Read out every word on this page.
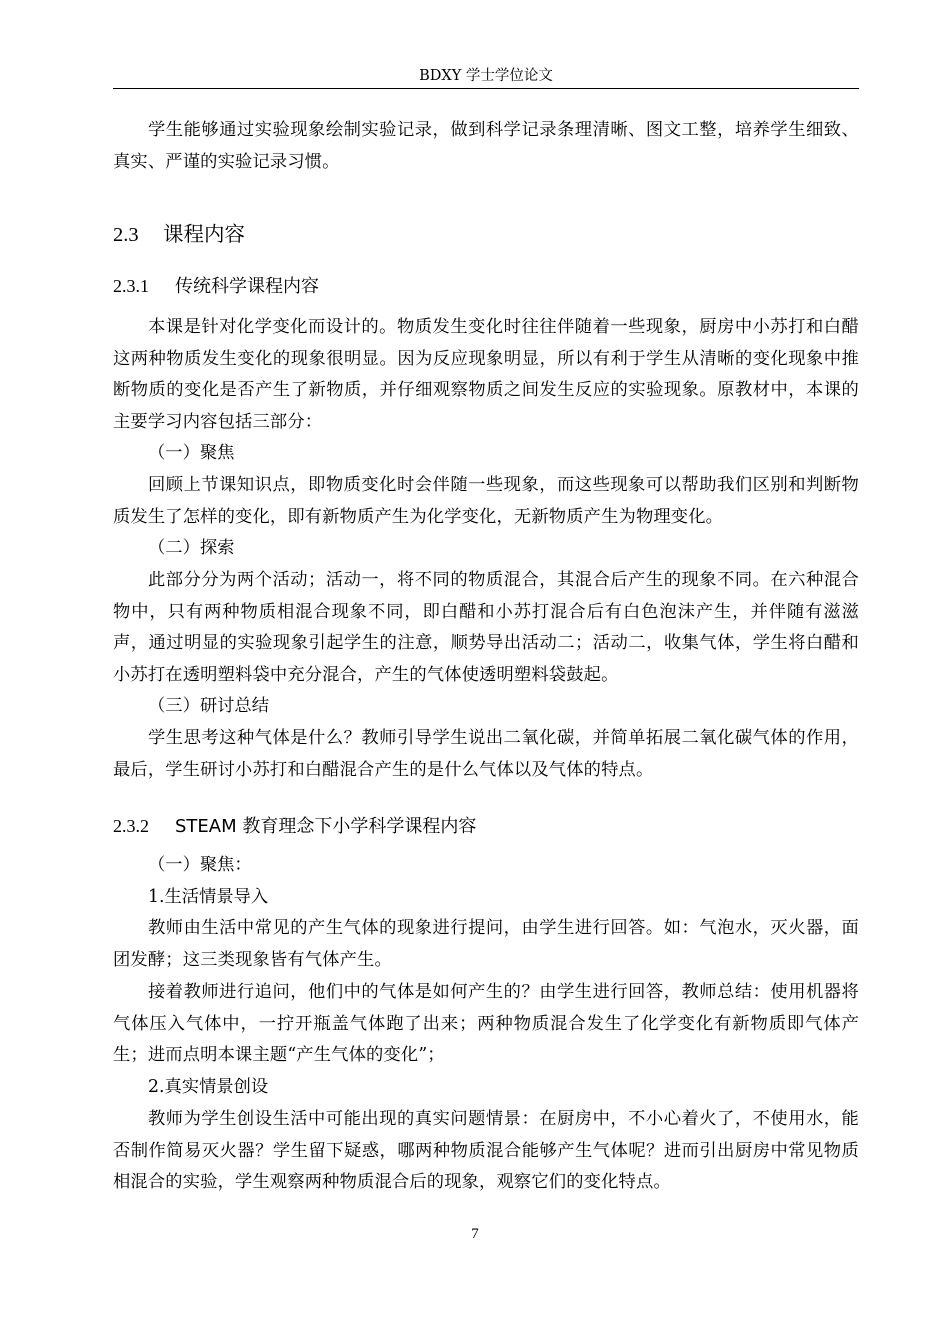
BDXY 学士学位论文

学生能够通过实验现象绘制实验记录，做到科学记录条理清晰、图文工整，培养学生细致、真实、严谨的实验记录习惯。

2.3 课程内容
2.3.1 传统科学课程内容

本课是针对化学变化而设计的。物质发生变化时往往伴随着一些现象，厨房中小苏打和白醋这两种物质发生变化的现象很明显。因为反应现象明显，所以有利于学生从清晰的变化现象中推断物质的变化是否产生了新物质，并仔细观察物质之间发生反应的实验现象。原教材中，本课的主要学习内容包括三部分：

（一）聚焦

回顾上节课知识点，即物质变化时会伴随一些现象，而这些现象可以帮助我们区别和判断物质发生了怎样的变化，即有新物质产生为化学变化，无新物质产生为物理变化。

（二）探索

此部分分为两个活动；活动一，将不同的物质混合，其混合后产生的现象不同。在六种混合物中，只有两种物质相混合现象不同，即白醋和小苏打混合后有白色泡沫产生，并伴随有滋滋声，通过明显的实验现象引起学生的注意，顺势导出活动二；活动二，收集气体，学生将白醋和小苏打在透明塑料袋中充分混合，产生的气体使透明塑料袋鼓起。

（三）研讨总结

学生思考这种气体是什么？教师引导学生说出二氧化碳，并简单拓展二氧化碳气体的作用，最后，学生研讨小苏打和白醋混合产生的是什么气体以及气体的特点。

2.3.2 STEAM 教育理念下小学科学课程内容
（一）聚焦：
1.生活情景导入

教师由生活中常见的产生气体的现象进行提问，由学生进行回答。如：气泡水，灭火器，面团发酵；这三类现象皆有气体产生。

接着教师进行追问，他们中的气体是如何产生的？由学生进行回答，教师总结：使用机器将气体压入气体中，一拧开瓶盖气体跑了出来；两种物质混合发生了化学变化有新物质即气体产生；进而点明本课主题“产生气体的变化”；

2.真实情景创设

教师为学生创设生活中可能出现的真实问题情景：在厨房中，不小心着火了，不使用水，能否制作简易灭火器？学生留下疑惑，哪两种物质混合能够产生气体呢？进而引出厨房中常见物质相混合的实验，学生观察两种物质混合后的现象，观察它们的变化特点。

7
